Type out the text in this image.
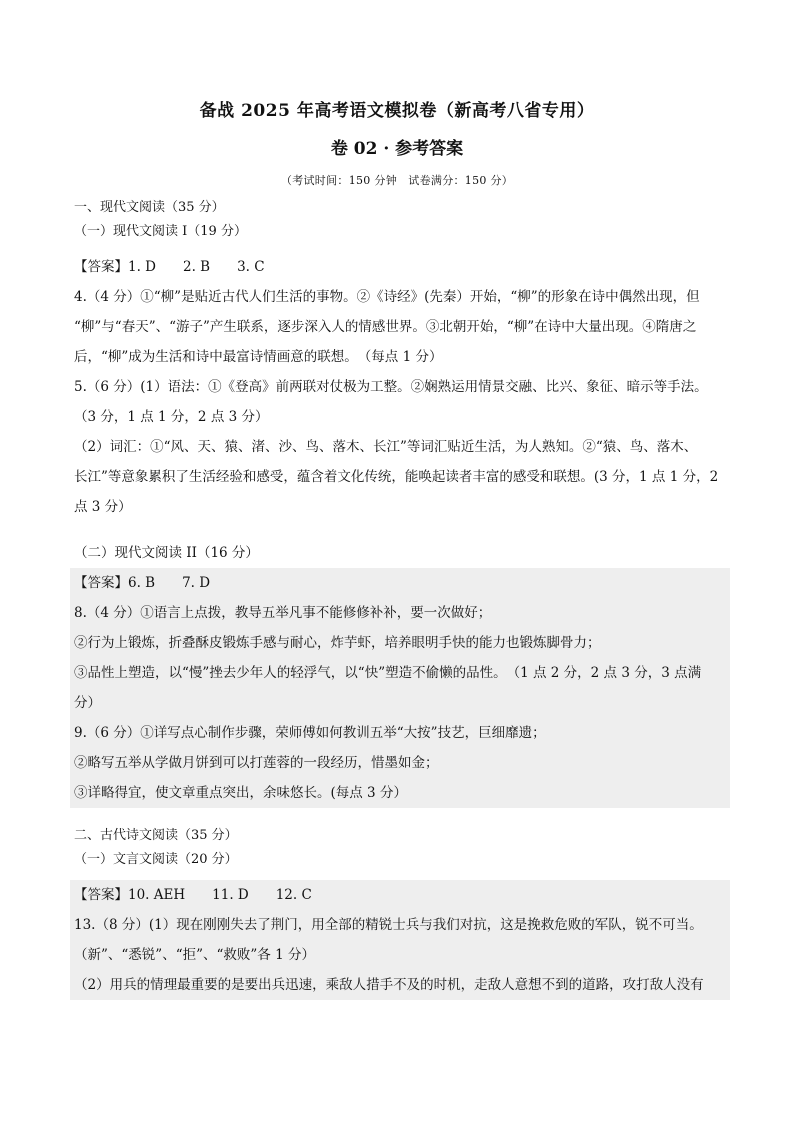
备战 2025 年高考语文模拟卷（新高考八省专用）
卷 02 · 参考答案
（考试时间：150 分钟　试卷满分：150 分）
一、现代文阅读（35 分）
（一）现代文阅读 I（19 分）
【答案】1. D　　2. B　　3. C
4.（4 分）①“柳”是贴近古代人们生活的事物。②《诗经》(先秦）开始，“柳”的形象在诗中偶然出现，但
“柳”与“春天”、“游子”产生联系，逐步深入人的情感世界。③北朝开始，“柳”在诗中大量出现。④隋唐之
后，“柳”成为生活和诗中最富诗情画意的联想。　（每点 1 分）
5.（6 分）(1）语法：①《登高》前两联对仗极为工整。②娴熟运用情景交融、比兴、象征、暗示等手法。
（3 分，1 点 1 分，2 点 3 分）
（2）词汇：①“风、天、猿、渚、沙、鸟、落木、长江”等词汇贴近生活，为人熟知。②“猿、鸟、落木、
长江”等意象累积了生活经验和感受，蕴含着文化传统，能唤起读者丰富的感受和联想。(3 分，1 点 1 分，2
点 3 分）
（二）现代文阅读 II（16 分）
【答案】6. B　　7. D
8.（4 分）①语言上点拨，教导五举凡事不能修修补补，要一次做好；
②行为上锻炼，折叠酥皮锻炼手感与耐心，炸芋虾，培养眼明手快的能力也锻炼脚骨力；
③品性上塑造，以“慢”挫去少年人的轻浮气，以“快”塑造不偷懒的品性。　（1 点 2 分，2 点 3 分，3 点满
分）
9.（6 分）①详写点心制作步骤，荣师傅如何教训五举“大按”技艺，巨细靡遗；
②略写五举从学做月饼到可以打莲蓉的一段经历，惜墨如金；
③详略得宜，使文章重点突出，余味悠长。(每点 3 分）
二、古代诗文阅读（35 分）
（一）文言文阅读（20 分）
【答案】10. AEH　　11. D　　12. C
13.（8 分）(1）现在刚刚失去了荆门，用全部的精锐士兵与我们对抗，这是挽救危败的军队，锐不可当。
（新”、“悉锐”、“拒”、“救败”各 1 分）
（2）用兵的情理最重要的是要出兵迅速，乘敌人措手不及的时机，走敌人意想不到的道路，攻打敌人没有
